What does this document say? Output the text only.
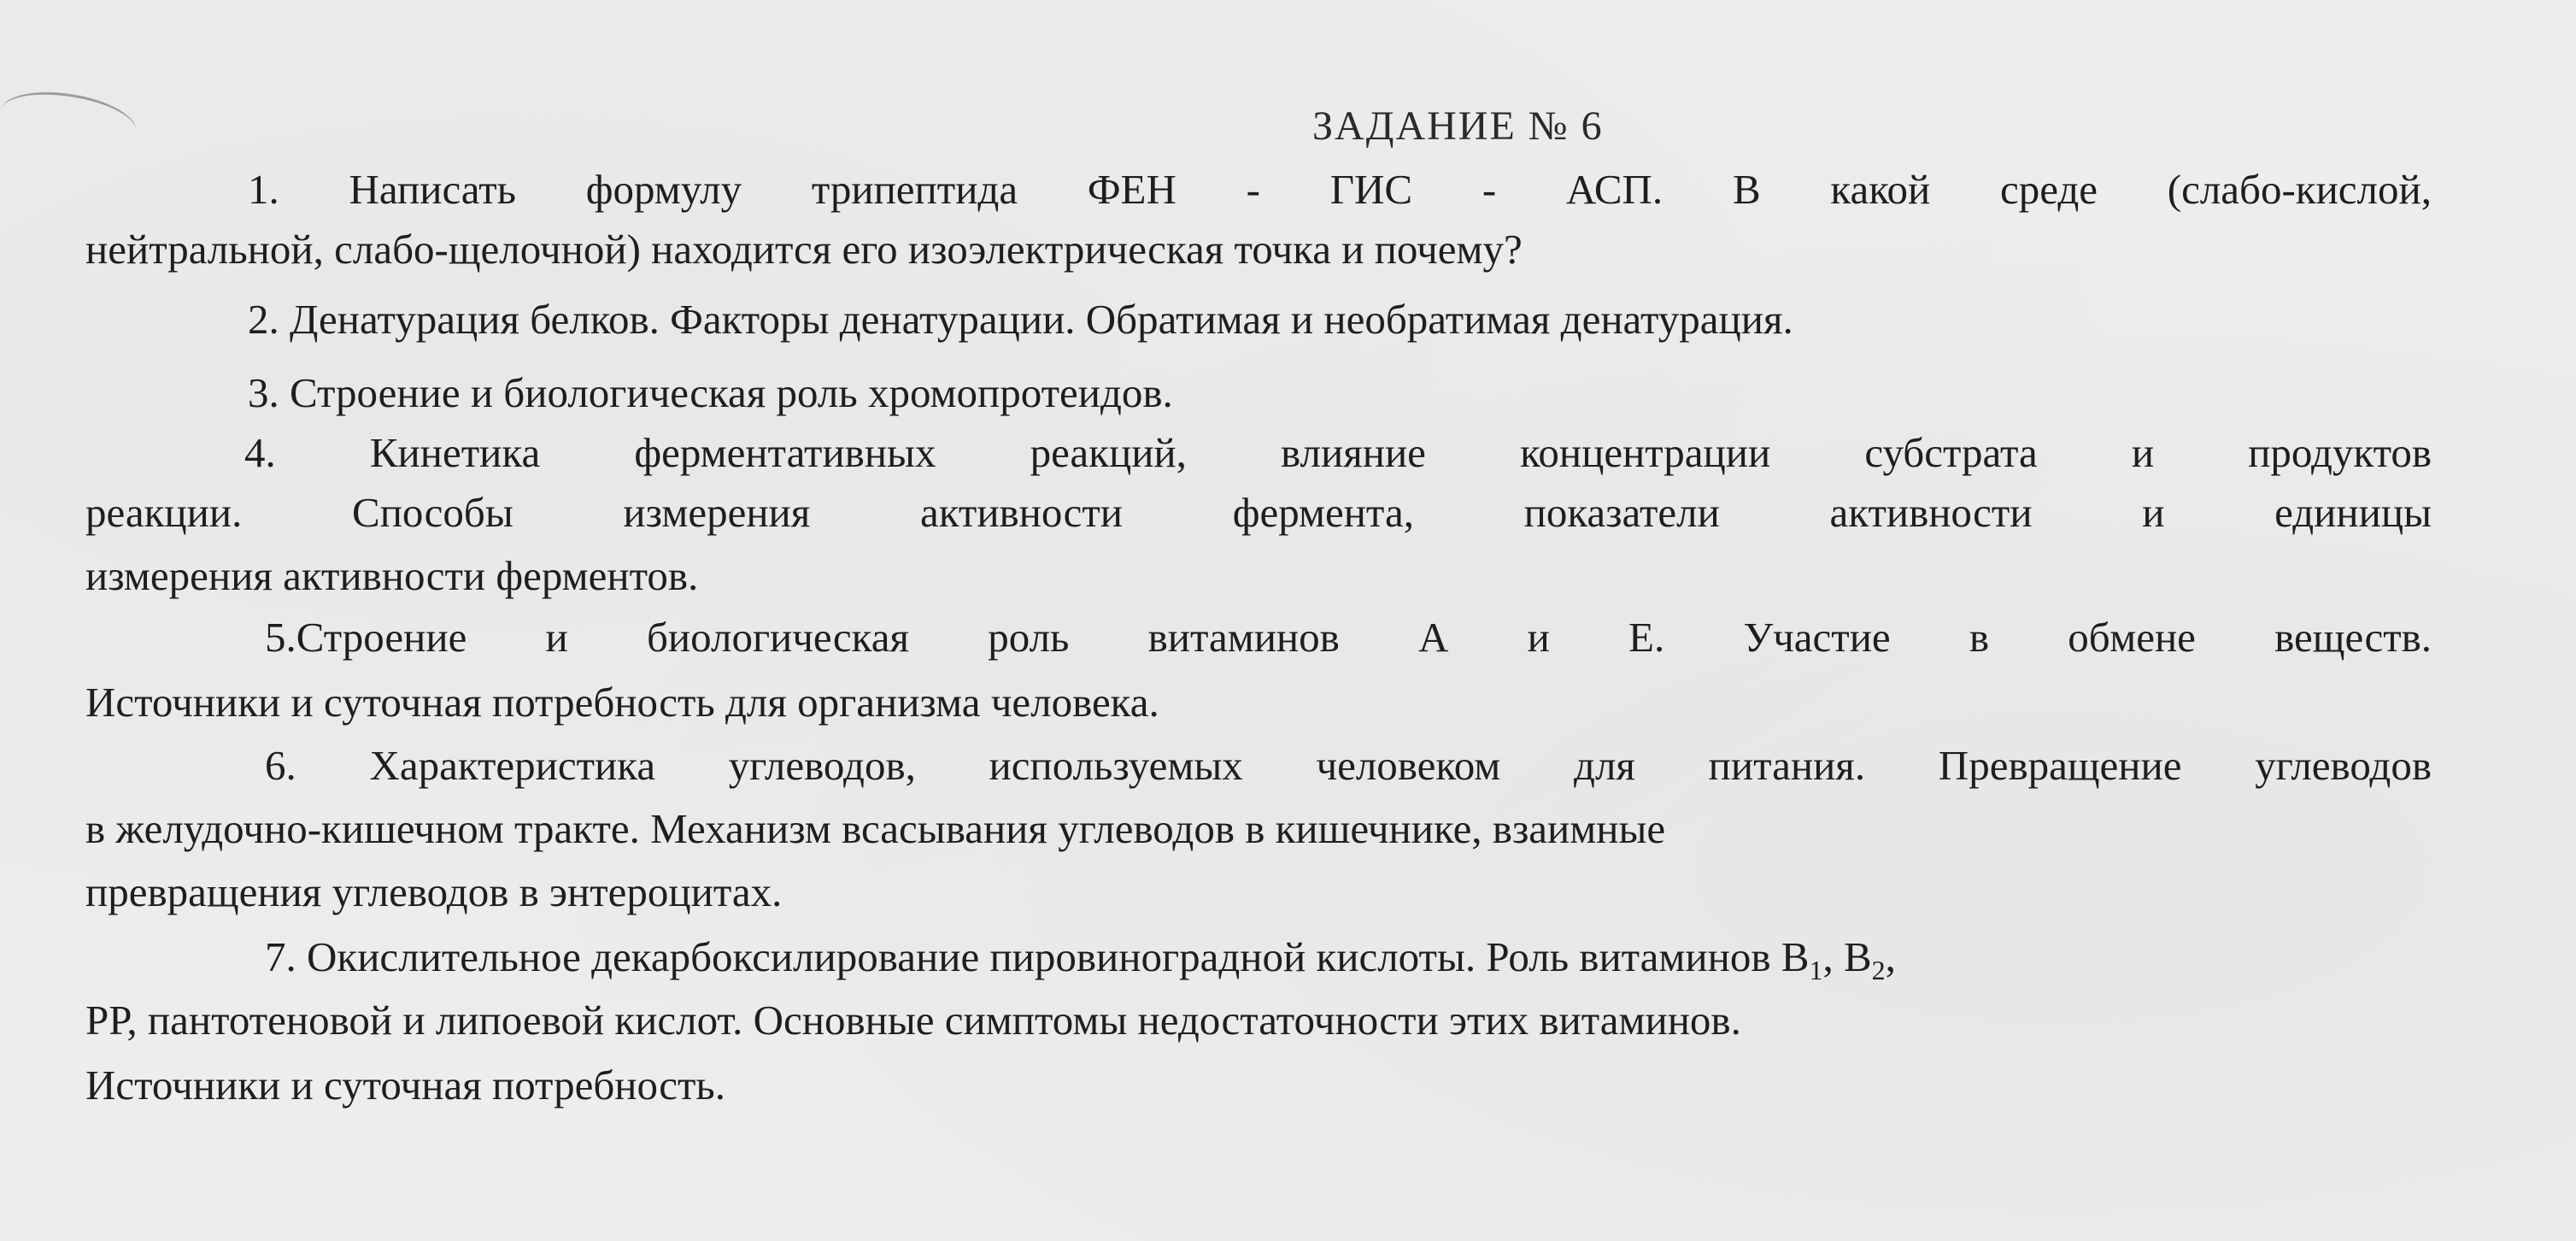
ЗАДАНИЕ № 6
1. Написать формулу трипептида ФЕН - ГИС - АСП. В какой среде (слабо-кислой,
нейтральной, слабо-щелочной) находится его изоэлектрическая точка и почему?
2. Денатурация белков. Факторы денатурации. Обратимая и необратимая денатурация.
3. Строение и биологическая роль хромопротеидов.
4. Кинетика ферментативных реакций, влияние концентрации субстрата и продуктов
реакции. Способы измерения активности фермента, показатели активности и единицы
измерения активности ферментов.
5.Строение и биологическая роль витаминов А и Е. Участие в обмене веществ.
Источники и суточная потребность для организма человека.
6. Характеристика углеводов, используемых человеком для питания. Превращение углеводов
в желудочно-кишечном тракте. Механизм всасывания углеводов в кишечнике, взаимные
превращения углеводов в энтероцитах.
7. Окислительное декарбоксилирование пировиноградной кислоты. Роль витаминов $В_1$, $В_2$,
РР, пантотеновой и липоевой кислот. Основные симптомы недостаточности этих витаминов.
Источники и суточная потребность.
